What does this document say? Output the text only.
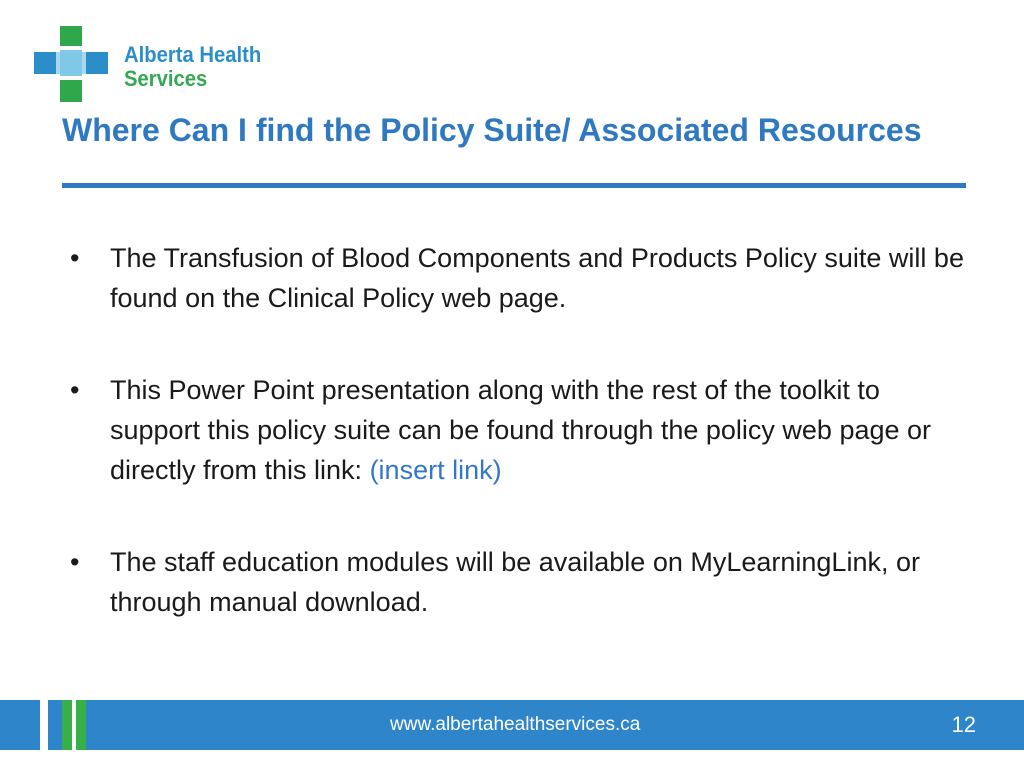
Alberta Health
Services
Where Can I find the Policy Suite/ Associated Resources
• The Transfusion of Blood Components and Products Policy suite will be found on the Clinical Policy web page.
• This Power Point presentation along with the rest of the toolkit to support this policy suite can be found through the policy web page or directly from this link: (insert link)
• The staff education modules will be available on MyLearningLink, or through manual download.
www.albertahealthservices.ca	12
